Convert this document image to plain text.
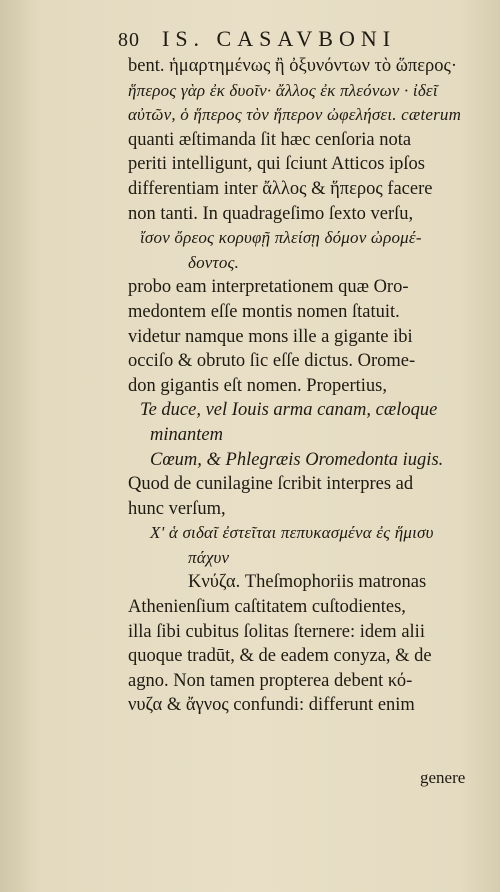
80	IS. CASAVBONI
bent. ἡμαρτημένως ἢ ὀξυνόντων τὸ ὥπερος·
ἥπερος γὰρ ἐκ δυοῖν· ἄλλος ἐκ πλεόνων · ἰδεῖ
αὐτῶν, ὁ ἥπερος τὸν ἥπερον ὠφελήσει. cæterum
quanti æſtimanda ſit hæc cenſoria nota
periti intelligunt, qui ſciunt Atticos ipſos
differentiam inter ἄλλος & ἥπερος facere
non tanti. In quadrageſimo ſexto verſu,
ἴσον ὄρεος κορυφῇ πλείσῃ δόμον ὠρομέ-
δοντος.
probo eam interpretationem quæ Oro-
medontem eſſe montis nomen ſtatuit.
videtur namque mons ille a gigante ibi
occiſo & obruto ſic eſſe dictus. Orome-
don gigantis eſt nomen. Propertius,
Te duce, vel Iouis arma canam, cæloque
minantem
Cœum, & Phlegræis Oromedonta iugis.
Quod de cunilagine ſcribit interpres ad
hunc verſum,
Χ' ἁ σιδαῖ ἐστεῖται πεπυκασμένα ἐς ἥμισυ
πάχυν
Κνύζα. Theſmophoriis matronas
Athenienſium caſtitatem cuſtodientes,
illa ſibi cubitus ſolitas ſternere: idem alii
quoque tradūt, & de eadem conyza, & de
agno. Non tamen propterea debent κό-
νυζα & ἄγνος confundi: differunt enim
genere
